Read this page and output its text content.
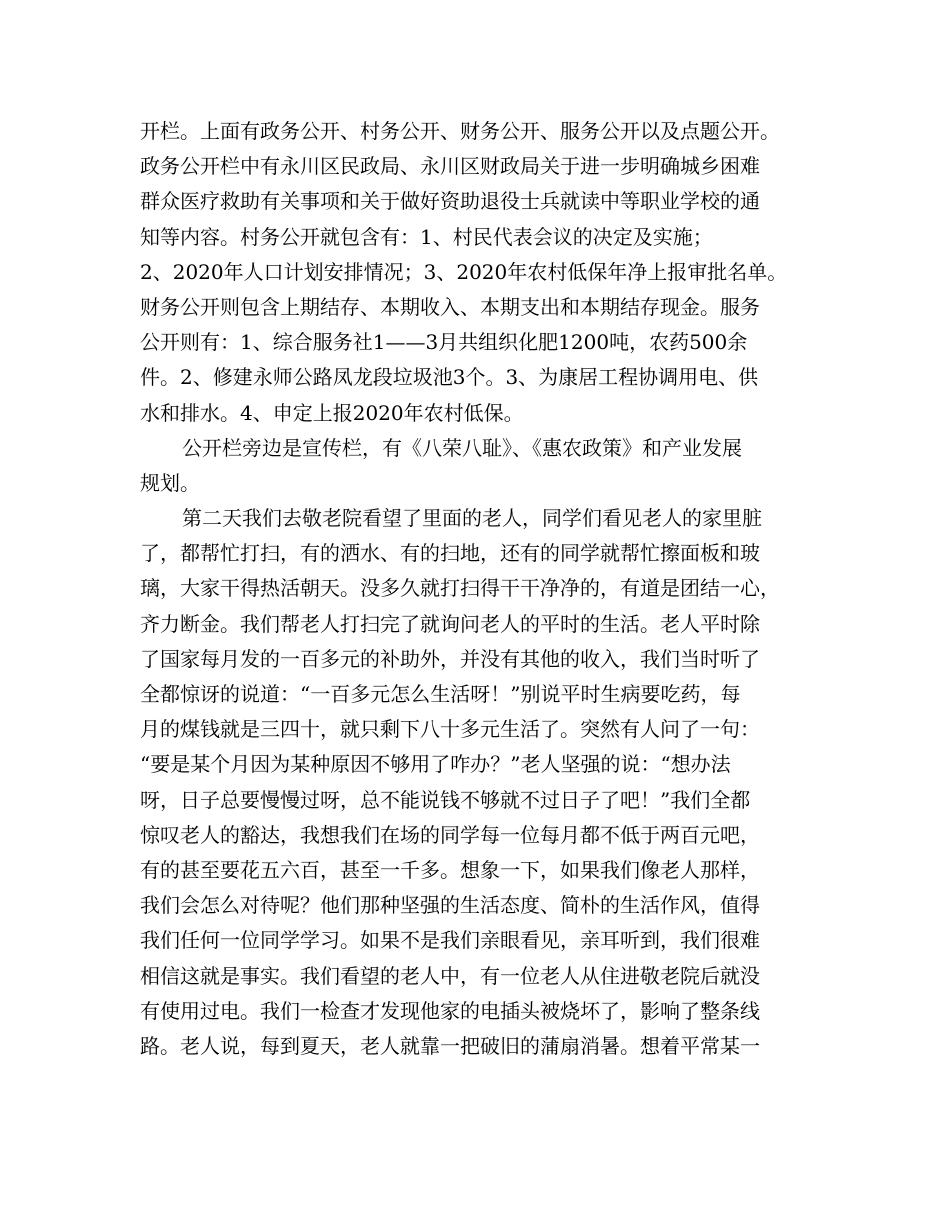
开栏。上面有政务公开、村务公开、财务公开、服务公开以及点题公开。
政务公开栏中有永川区民政局、永川区财政局关于进一步明确城乡困难
群众医疗救助有关事项和关于做好资助退役士兵就读中等职业学校的通
知等内容。村务公开就包含有：1、村民代表会议的决定及实施；
2、2020年人口计划安排情况；3、2020年农村低保年净上报审批名单。
财务公开则包含上期结存、本期收入、本期支出和本期结存现金。服务
公开则有：1、综合服务社1——3月共组织化肥1200吨，农药500余
件。2、修建永师公路凤龙段垃圾池3个。3、为康居工程协调用电、供
水和排水。4、申定上报2020年农村低保。
公开栏旁边是宣传栏，有《八荣八耻》、《惠农政策》和产业发展
规划。
第二天我们去敬老院看望了里面的老人，同学们看见老人的家里脏
了，都帮忙打扫，有的洒水、有的扫地，还有的同学就帮忙擦面板和玻
璃，大家干得热活朝天。没多久就打扫得干干净净的，有道是团结一心，
齐力断金。我们帮老人打扫完了就询问老人的平时的生活。老人平时除
了国家每月发的一百多元的补助外，并没有其他的收入，我们当时听了
全都惊讶的说道：“一百多元怎么生活呀！”别说平时生病要吃药，每
月的煤钱就是三四十，就只剩下八十多元生活了。突然有人问了一句：
“要是某个月因为某种原因不够用了咋办？”老人坚强的说：“想办法
呀，日子总要慢慢过呀，总不能说钱不够就不过日子了吧！”我们全都
惊叹老人的豁达，我想我们在场的同学每一位每月都不低于两百元吧，
有的甚至要花五六百，甚至一千多。想象一下，如果我们像老人那样，
我们会怎么对待呢？他们那种坚强的生活态度、简朴的生活作风，值得
我们任何一位同学学习。如果不是我们亲眼看见，亲耳听到，我们很难
相信这就是事实。我们看望的老人中，有一位老人从住进敬老院后就没
有使用过电。我们一检查才发现他家的电插头被烧坏了，影响了整条线
路。老人说，每到夏天，老人就靠一把破旧的蒲扇消暑。想着平常某一
